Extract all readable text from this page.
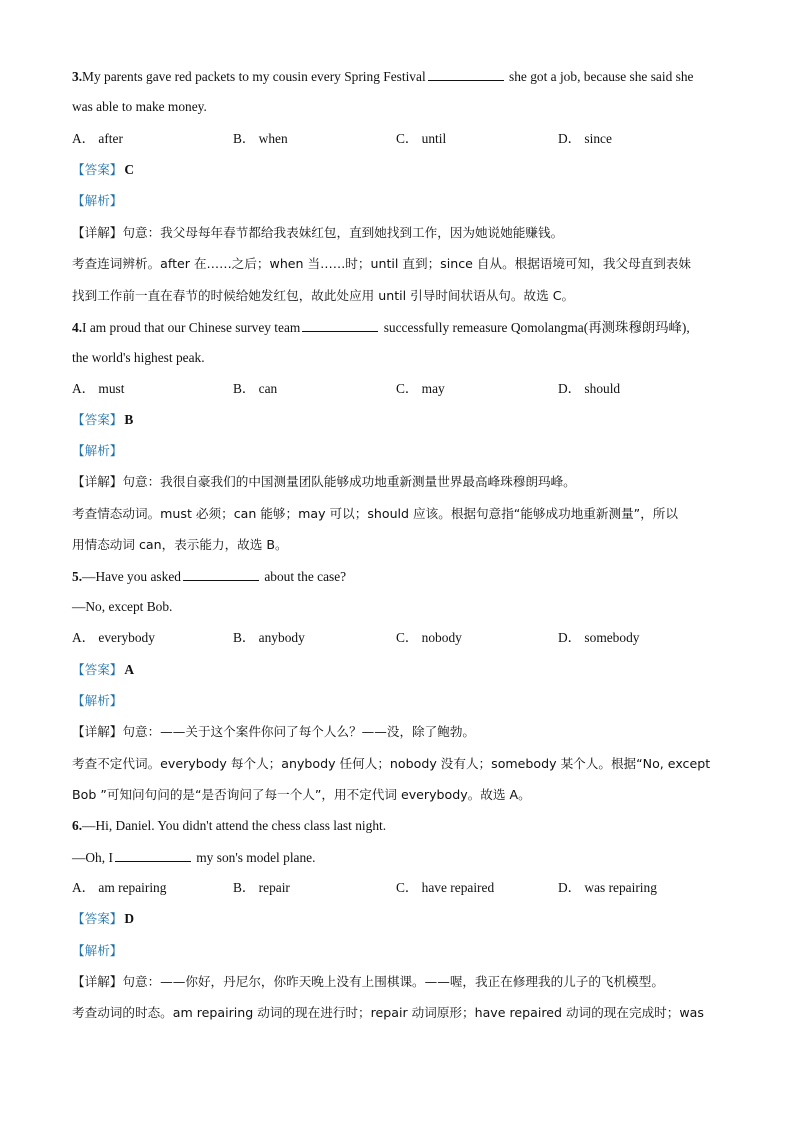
3.My parents gave red packets to my cousin every Spring Festival	she got a job, because she said she
was able to make money.
A． after	B． when	C． until	D． since
【答案】 C
【解析】
【详解】句意：我父母每年春节都给我表妹红包，直到她找到工作，因为她说她能赚钱。
考查连词辨析。after 在……之后；when 当……时；until 直到；since 自从。根据语境可知，我父母直到表妹
找到工作前一直在春节的时候给她发红包，故此处应用 until 引导时间状语从句。故选 C。
4.I am proud that our Chinese survey team	successfully remeasure Qomolangma(再测珠穆朗玛峰),
the world's highest peak.
A． must	B． can	C． may	D． should
【答案】 B
【解析】
【详解】句意：我很自豪我们的中国测量团队能够成功地重新测量世界最高峰珠穆朗玛峰。
考查情态动词。must 必须；can 能够；may 可以；should 应该。根据句意指“能够成功地重新测量”，所以
用情态动词 can，表示能力，故选 B。
5.—Have you asked	about the case?
—No, except Bob.
A． everybody	B． anybody	C． nobody	D． somebody
【答案】 A
【解析】
【详解】句意：——关于这个案件你问了每个人么？——没，除了鲍勃。
考查不定代词。everybody 每个人；anybody 任何人；nobody 没有人；somebody 某个人。根据“No, except
Bob ”可知问句问的是“是否询问了每一个人”，用不定代词 everybody。故选 A。
6.—Hi, Daniel. You didn't attend the chess class last night.
—Oh, I	my son's model plane.
A． am repairing	B． repair	C． have repaired	D． was repairing
【答案】 D
【解析】
【详解】句意：——你好，丹尼尔，你昨天晚上没有上围棋课。——喔，我正在修理我的儿子的飞机模型。
考查动词的时态。am repairing 动词的现在进行时；repair 动词原形；have repaired 动词的现在完成时；was
